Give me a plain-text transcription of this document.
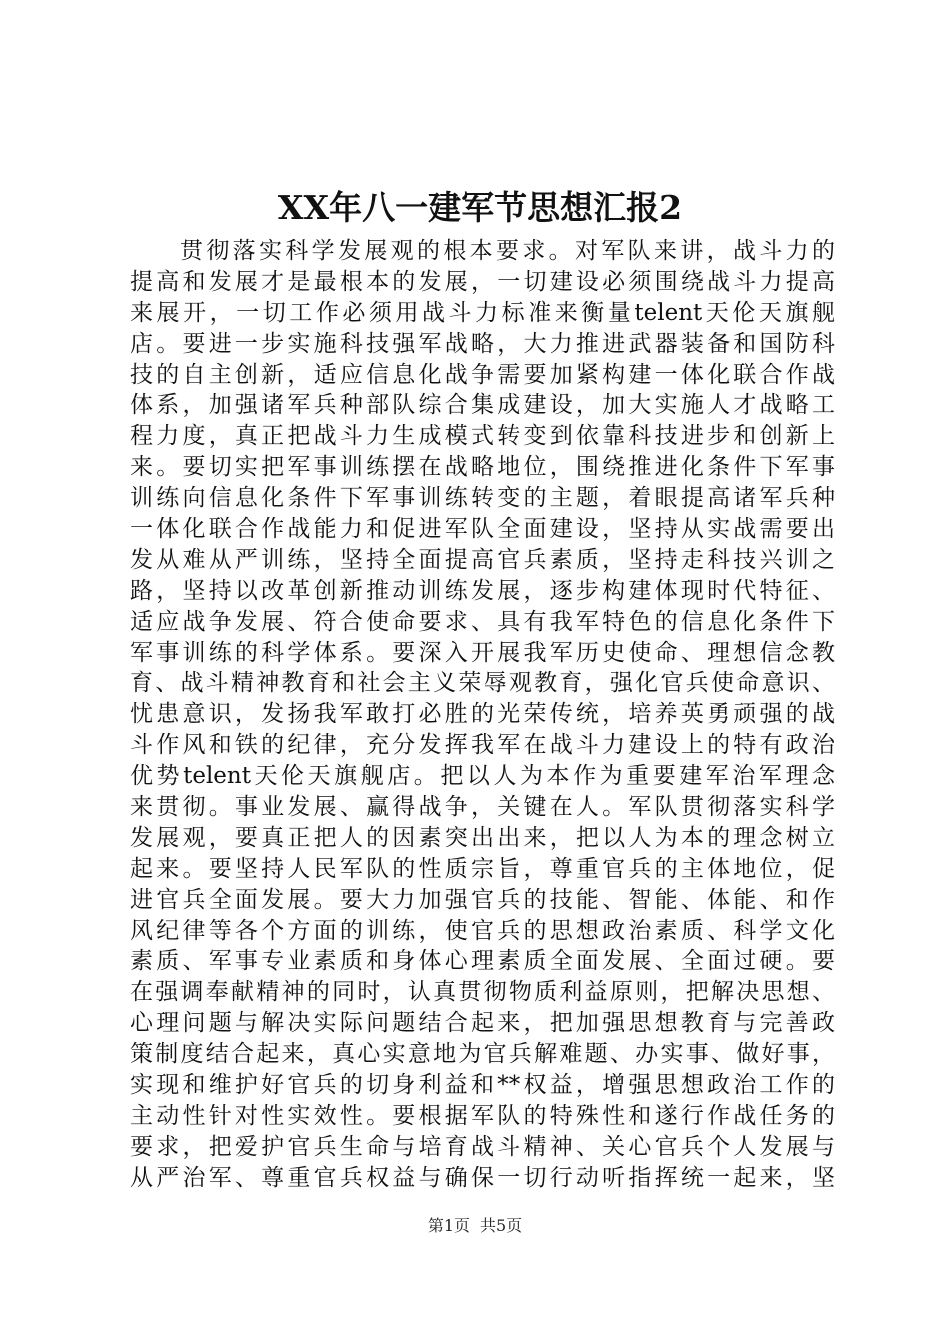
XX年八一建军节思想汇报2
贯彻落实科学发展观的根本要求。对军队来讲，战斗力的
提高和发展才是最根本的发展，一切建设必须围绕战斗力提高
来展开，一切工作必须用战斗力标准来衡量telent天伦天旗舰
店。要进一步实施科技强军战略，大力推进武器装备和国防科
技的自主创新，适应信息化战争需要加紧构建一体化联合作战
体系，加强诸军兵种部队综合集成建设，加大实施人才战略工
程力度，真正把战斗力生成模式转变到依靠科技进步和创新上
来。要切实把军事训练摆在战略地位，围绕推进化条件下军事
训练向信息化条件下军事训练转变的主题，着眼提高诸军兵种
一体化联合作战能力和促进军队全面建设，坚持从实战需要出
发从难从严训练，坚持全面提高官兵素质，坚持走科技兴训之
路，坚持以改革创新推动训练发展，逐步构建体现时代特征、
适应战争发展、符合使命要求、具有我军特色的信息化条件下
军事训练的科学体系。要深入开展我军历史使命、理想信念教
育、战斗精神教育和社会主义荣辱观教育，强化官兵使命意识、
忧患意识，发扬我军敢打必胜的光荣传统，培养英勇顽强的战
斗作风和铁的纪律，充分发挥我军在战斗力建设上的特有政治
优势telent天伦天旗舰店。把以人为本作为重要建军治军理念
来贯彻。事业发展、赢得战争，关键在人。军队贯彻落实科学
发展观，要真正把人的因素突出出来，把以人为本的理念树立
起来。要坚持人民军队的性质宗旨，尊重官兵的主体地位，促
进官兵全面发展。要大力加强官兵的技能、智能、体能、和作
风纪律等各个方面的训练，使官兵的思想政治素质、科学文化
素质、军事专业素质和身体心理素质全面发展、全面过硬。要
在强调奉献精神的同时，认真贯彻物质利益原则，把解决思想、
心理问题与解决实际问题结合起来，把加强思想教育与完善政
策制度结合起来，真心实意地为官兵解难题、办实事、做好事，
实现和维护好官兵的切身利益和**权益，增强思想政治工作的
主动性针对性实效性。要根据军队的特殊性和遂行作战任务的
要求，把爱护官兵生命与培育战斗精神、关心官兵个人发展与
从严治军、尊重官兵权益与确保一切行动听指挥统一起来，坚
第1页 共5页
